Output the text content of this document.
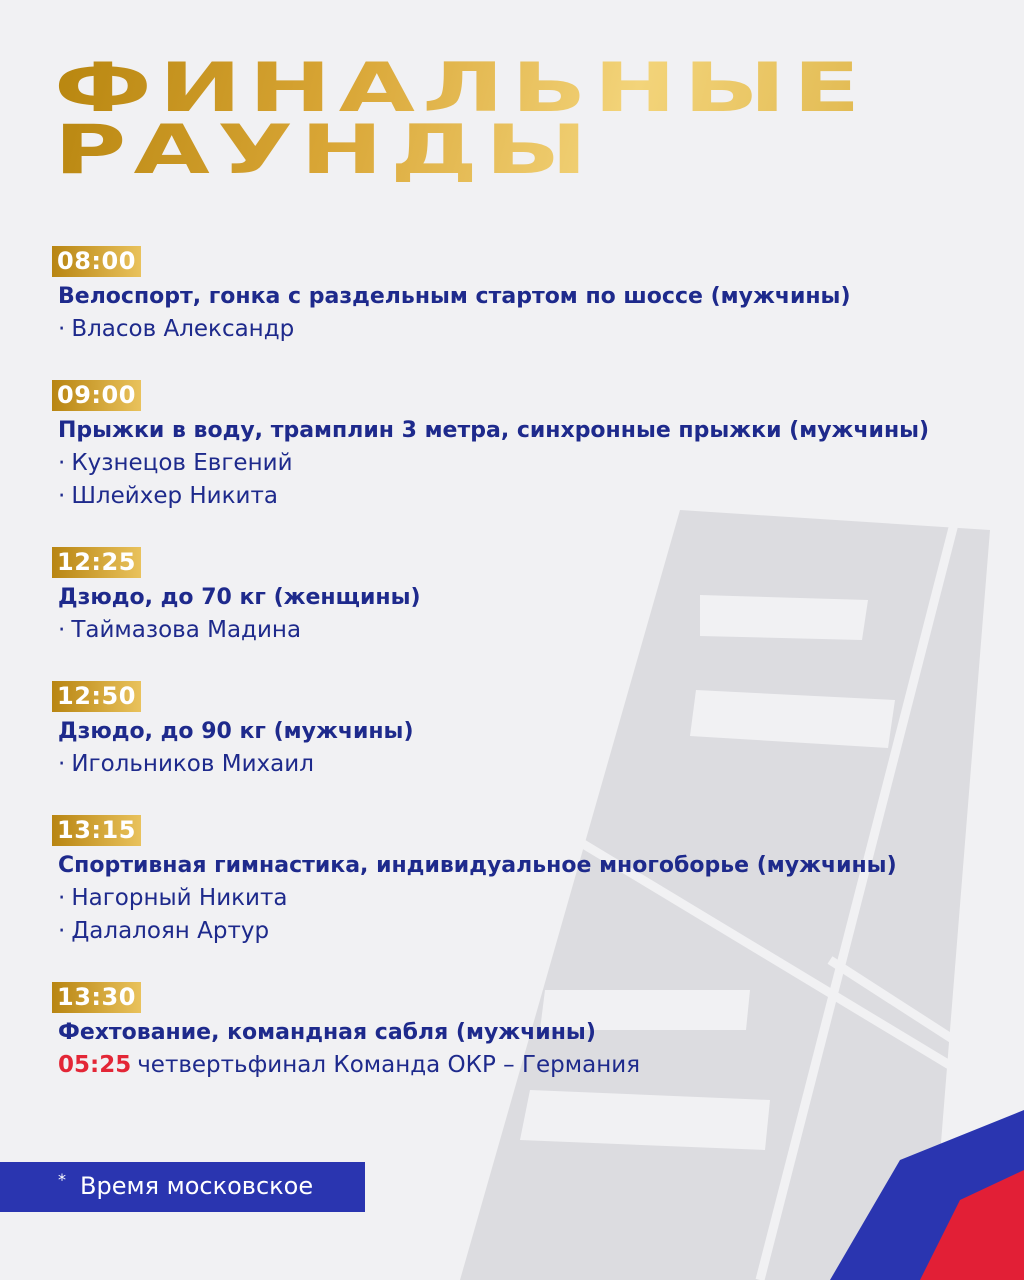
ФИНАЛЬНЫЕ
РАУНДЫ
08:00
Велоспорт, гонка с раздельным стартом по шоссе (мужчины)
· Власов Александр
09:00
Прыжки в воду, трамплин 3 метра, синхронные прыжки (мужчины)
· Кузнецов Евгений
· Шлейхер Никита
12:25
Дзюдо, до 70 кг (женщины)
· Таймазова Мадина
12:50
Дзюдо, до 90 кг (мужчины)
· Игольников Михаил
13:15
Спортивная гимнастика, индивидуальное многоборье (мужчины)
· Нагорный Никита
· Далалоян Артур
13:30
Фехтование, командная сабля (мужчины)
05:25 четвертьфинал Команда ОКР – Германия
* Время московское
